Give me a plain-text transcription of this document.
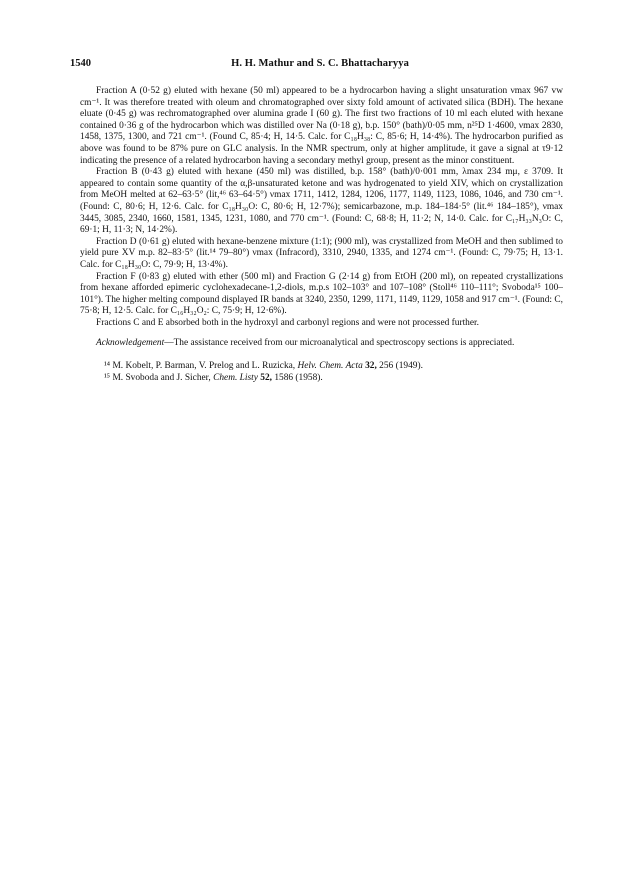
1540	H. H. Mathur and S. C. Bhattacharyya

Fraction A (0·52 g) eluted with hexane (50 ml) appeared to be a hydrocarbon having a slight unsaturation νmax 967 vw cm⁻¹. It was therefore treated with oleum and chromatographed over sixty fold amount of activated silica (BDH). The hexane eluate (0·45 g) was rechromatographed over alumina grade I (60 g). The first two fractions of 10 ml each eluted with hexane contained 0·36 g of the hydrocarbon which was distilled over Na (0·18 g), b.p. 150° (bath)/0·05 mm, n²⁵D 1·4600, νmax 2830, 1458, 1375, 1300, and 721 cm⁻¹. (Found C, 85·4; H, 14·5. Calc. for C₁₈H₃₈: C, 85·6; H, 14·4%). The hydrocarbon purified as above was found to be 87% pure on GLC analysis. In the NMR spectrum, only at higher amplitude, it gave a signal at τ9·12 indicating the presence of a related hydrocarbon having a secondary methyl group, present as the minor constituent.

Fraction B (0·43 g) eluted with hexane (450 ml) was distilled, b.p. 158° (bath)/0·001 mm, λmax 234 mμ, ε 3709. It appeared to contain some quantity of the α,β-unsaturated ketone and was hydrogenated to yield XIV, which on crystallization from MeOH melted at 62–63·5° (lit,⁴⁶ 63–64·5°) νmax 1711, 1412, 1284, 1206, 1177, 1149, 1123, 1086, 1046, and 730 cm⁻¹. (Found: C, 80·6; H, 12·6. Calc. for C₁₈H₃₀O: C, 80·6; H, 12·7%); semicarbazone, m.p. 184–184·5° (lit.⁴⁶ 184–185°), νmax 3445, 3085, 2340, 1660, 1581, 1345, 1231, 1080, and 770 cm⁻¹. (Found: C, 68·8; H, 11·2; N, 14·0. Calc. for C₁₇H₃₃N₃O: C, 69·1; H, 11·3; N, 14·2%).

Fraction D (0·61 g) eluted with hexane-benzene mixture (1:1); (900 ml), was crystallized from MeOH and then sublimed to yield pure XV m.p. 82–83·5° (lit.¹⁴ 79–80°) νmax (Infracord), 3310, 2940, 1335, and 1274 cm⁻¹. (Found: C, 79·75; H, 13·1. Calc. for C₁₈H₃₀O: C, 79·9; H, 13·4%).

Fraction F (0·83 g) eluted with ether (500 ml) and Fraction G (2·14 g) from EtOH (200 ml), on repeated crystallizations from hexane afforded epimeric cyclohexadecane-1,2-diols, m.p.s 102–103° and 107–108° (Stoll⁴⁶ 110–111°; Svoboda¹⁵ 100–101°). The higher melting compound displayed IR bands at 3240, 2350, 1299, 1171, 1149, 1129, 1058 and 917 cm⁻¹. (Found: C, 75·8; H, 12·5. Calc. for C₁₆H₃₂O₂: C, 75·9; H, 12·6%).

Fractions C and E absorbed both in the hydroxyl and carbonyl regions and were not processed further.

Acknowledgement—The assistance received from our microanalytical and spectroscopy sections is appreciated.

¹⁴ M. Kobelt, P. Barman, V. Prelog and L. Ruzicka, Helv. Chem. Acta 32, 256 (1949).

¹⁵ M. Svoboda and J. Sicher, Chem. Listy 52, 1586 (1958).
